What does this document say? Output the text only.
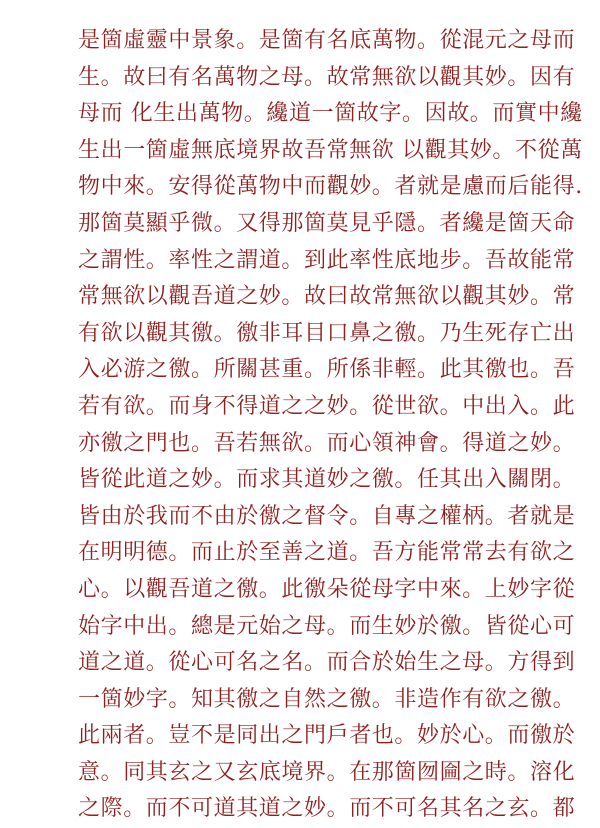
是箇虛靈中景象。是箇有名底萬物。從混元之母而
生。故曰有名萬物之母。故常無欲以觀其妙。因有
母而 化生出萬物。纔道一箇故字。因故。而實中纔
生出一箇虛無底境界故吾常無欲 以觀其妙。不從萬
物中來。安得從萬物中而觀妙。者就是慮而后能得.
那箇莫顯乎微。又得那箇莫見乎隱。者纔是箇天命
之謂性。率性之謂道。到此率性底地步。吾故能常
常無欲以觀吾道之妙。故曰故常無欲以觀其妙。常
有欲以觀其徼。徼非耳目口鼻之徼。乃生死存亡出
入必游之徼。所關甚重。所係非輕。此其徼也。吾
若有欲。而身不得道之之妙。從世欲。中出入。此
亦徼之門也。吾若無欲。而心領神會。得道之妙。
皆從此道之妙。而求其道妙之徼。任其出入關閉。
皆由於我而不由於徼之督令。自專之權柄。者就是
在明明德。而止於至善之道。吾方能常常去有欲之
心。以觀吾道之徼。此徼朵從母字中來。上妙字從
始字中出。總是元始之母。而生妙於徼。皆從心可
道之道。從心可名之名。而合於始生之母。方得到
一箇妙字。知其徼之自然之徼。非造作有欲之徼。
此兩者。豈不是同出之門戶者也。妙於心。而徼於
意。同其玄之又玄底境界。在那箇囫圇之時。溶化
之際。而不可道其道之妙。而不可名其名之玄。都
